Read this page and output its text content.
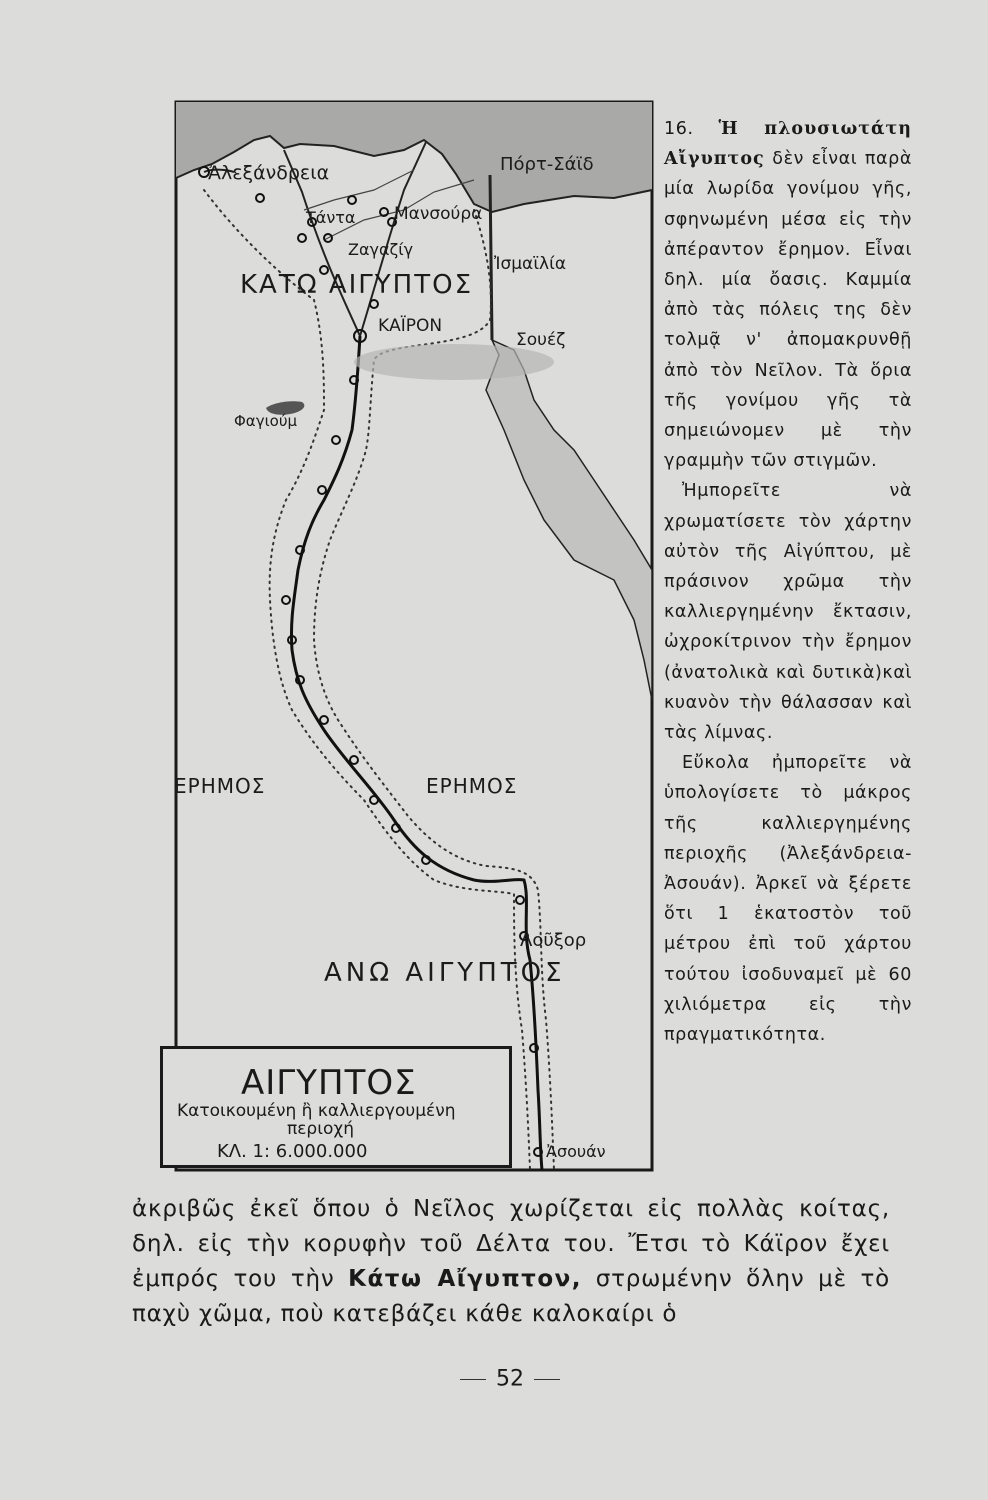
Ἀλεξάνδρεια	Πόρτ-Σάϊδ
Μανσούρα
Τάντα
Ζαγαζίγ
Ἰσμαϊλία
ΚΑΤΩ ΑΙΓΥΠΤΟΣ
ΚΑΪΡΟΝ
Σουέζ
Φαγιούμ
ΕΡΗΜΟΣ	ΕΡΗΜΟΣ
Λοῦξορ
ΑΝΩ ΑΙΓΥΠΤΟΣ
Ἀσουάν
ΑΙΓΥΠΤΟΣ
Κατοικουμένη ἢ καλλιεργουμένη
περιοχή
ΚΛ. 1: 6.000.000

16. Ἡ πλουσιωτάτη Αἴγυπτος δὲν εἶναι παρὰ μία λωρίδα γονίμου γῆς, σφηνωμένη μέσα εἰς τὴν ἀπέραντον ἔρημον. Εἶναι δηλ. μία ὄασις. Καμμία ἀπὸ τὰς πόλεις της δὲν τολμᾷ ν' ἀπομακρυνθῇ ἀπὸ τὸν Νεῖλον. Τὰ ὅρια τῆς γονίμου γῆς τὰ σημειώνομεν μὲ τὴν γραμμὴν τῶν στιγμῶν.

Ἠμπορεῖτε νὰ χρωματίσετε τὸν χάρτην αὐτὸν τῆς Αἰγύπτου, μὲ πράσινον χρῶμα τὴν καλλιεργημένην ἔκτασιν, ὠχροκίτρινον τὴν ἔρημον (ἀνατολικὰ καὶ δυτικὰ)καὶ κυανὸν τὴν θάλασσαν καὶ τὰς λίμνας.

Εὔκολα ἠμπορεῖτε νὰ ὑπολογίσετε τὸ μάκρος τῆς καλλιεργημένης περιοχῆς (Ἀλεξάνδρεια-Ἀσουάν). Ἀρκεῖ νὰ ξέρετε ὅτι 1 ἑκατοστὸν τοῦ μέτρου ἐπὶ τοῦ χάρτου τούτου ἰσοδυναμεῖ μὲ 60 χιλιόμετρα εἰς τὴν πραγματικότητα.

ἀκριβῶς ἐκεῖ ὅπου ὁ Νεῖλος χωρίζεται εἰς πολλὰς κοίτας, δηλ. εἰς τὴν κορυφὴν τοῦ Δέλτα του. Ἔτσι τὸ Κάϊρον ἔχει ἐμπρός του τὴν Κάτω Αἴγυπτον, στρωμένην ὅλην μὲ τὸ παχὺ χῶμα, ποὺ κατεβάζει κάθε καλοκαίρι ὁ

52
